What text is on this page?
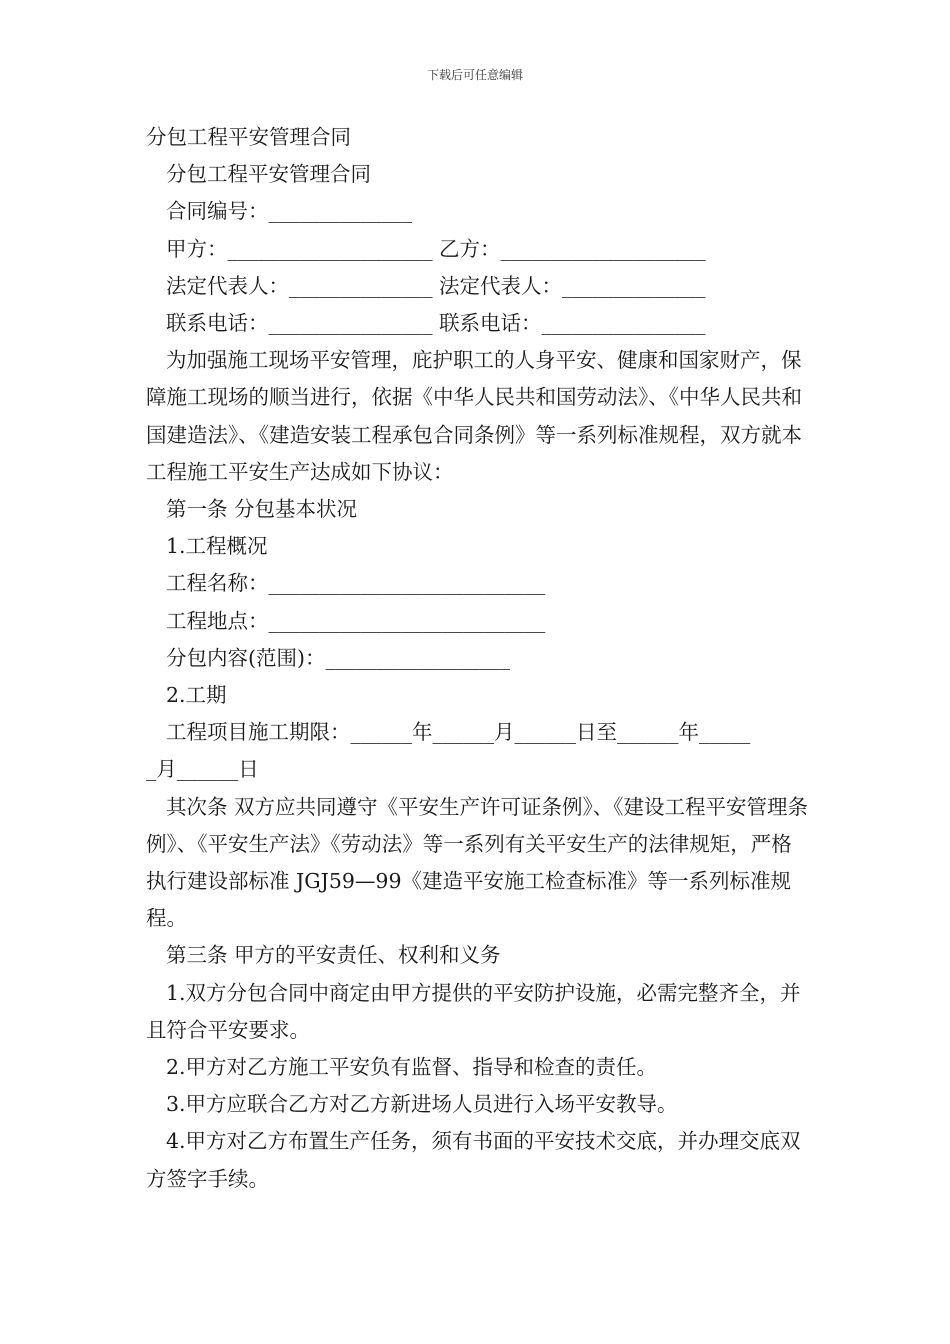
下载后可任意编辑

分包工程平安管理合同

分包工程平安管理合同

合同编号：______________

甲方：____________________ 乙方：____________________

法定代表人：______________ 法定代表人：______________

联系电话：________________ 联系电话：________________

为加强施工现场平安管理，庇护职工的人身平安、健康和国家财产，保障施工现场的顺当进行，依据《中华人民共和国劳动法》、《中华人民共和国建造法》、《建造安装工程承包合同条例》等一系列标准规程，双方就本工程施工平安生产达成如下协议：

第一条 分包基本状况

1.工程概况

工程名称：___________________________

工程地点：___________________________

分包内容(范围)：__________________

2.工期

工程项目施工期限：______年______月______日至______年_____

_月______日

其次条 双方应共同遵守《平安生产许可证条例》、《建设工程平安管理条例》、《平安生产法》《劳动法》等一系列有关平安生产的法律规矩，严格执行建设部标准 JGJ59—99《建造平安施工检查标准》等一系列标准规程。

第三条 甲方的平安责任、权利和义务

1.双方分包合同中商定由甲方提供的平安防护设施，必需完整齐全，并且符合平安要求。

2.甲方对乙方施工平安负有监督、指导和检查的责任。

3.甲方应联合乙方对乙方新进场人员进行入场平安教导。

4.甲方对乙方布置生产任务，须有书面的平安技术交底，并办理交底双方签字手续。
